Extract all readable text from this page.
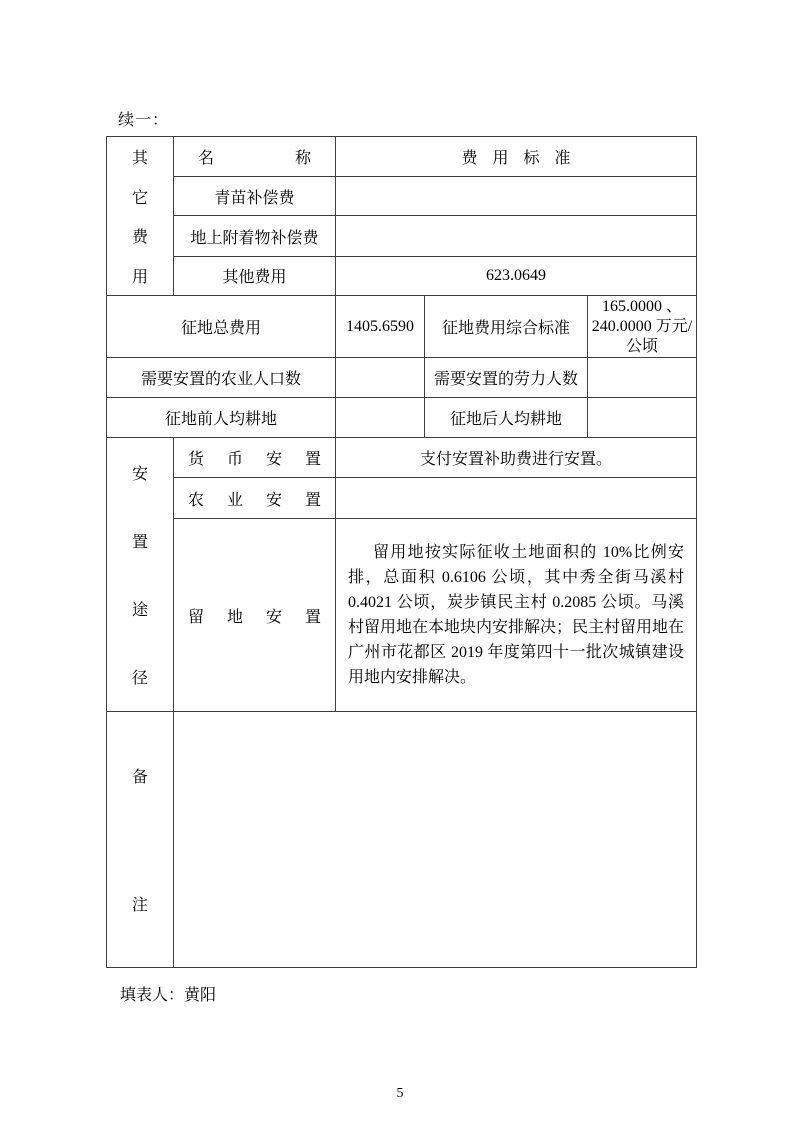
续一：
其
它
费
用	名 称	费用标准		
	青苗补偿费			
	地上附着物补偿费			
	其他费用	623.0649		
征地总费用		1405.6590	征地费用综合标准	165.0000 、240.0000 万元/公顷
需要安置的农业人口数			需要安置的劳力人数	
征地前人均耕地			征地后人均耕地	

安
置
途
径	货 币 安 置	支付安置补助费进行安置。		

	农 业 安 置			

	留 地 安 置	留用地按实际征收土地面积的 10%比例安排，总面积 0.6106 公顷，其中秀全街马溪村 0.4021 公顷，炭步镇民主村 0.2085 公顷。马溪村留用地在本地块内安排解决；民主村留用地在广州市花都区 2019 年度第四十一批次城镇建设用地内安排解决。		

备
注				

填表人：黄阳
5
